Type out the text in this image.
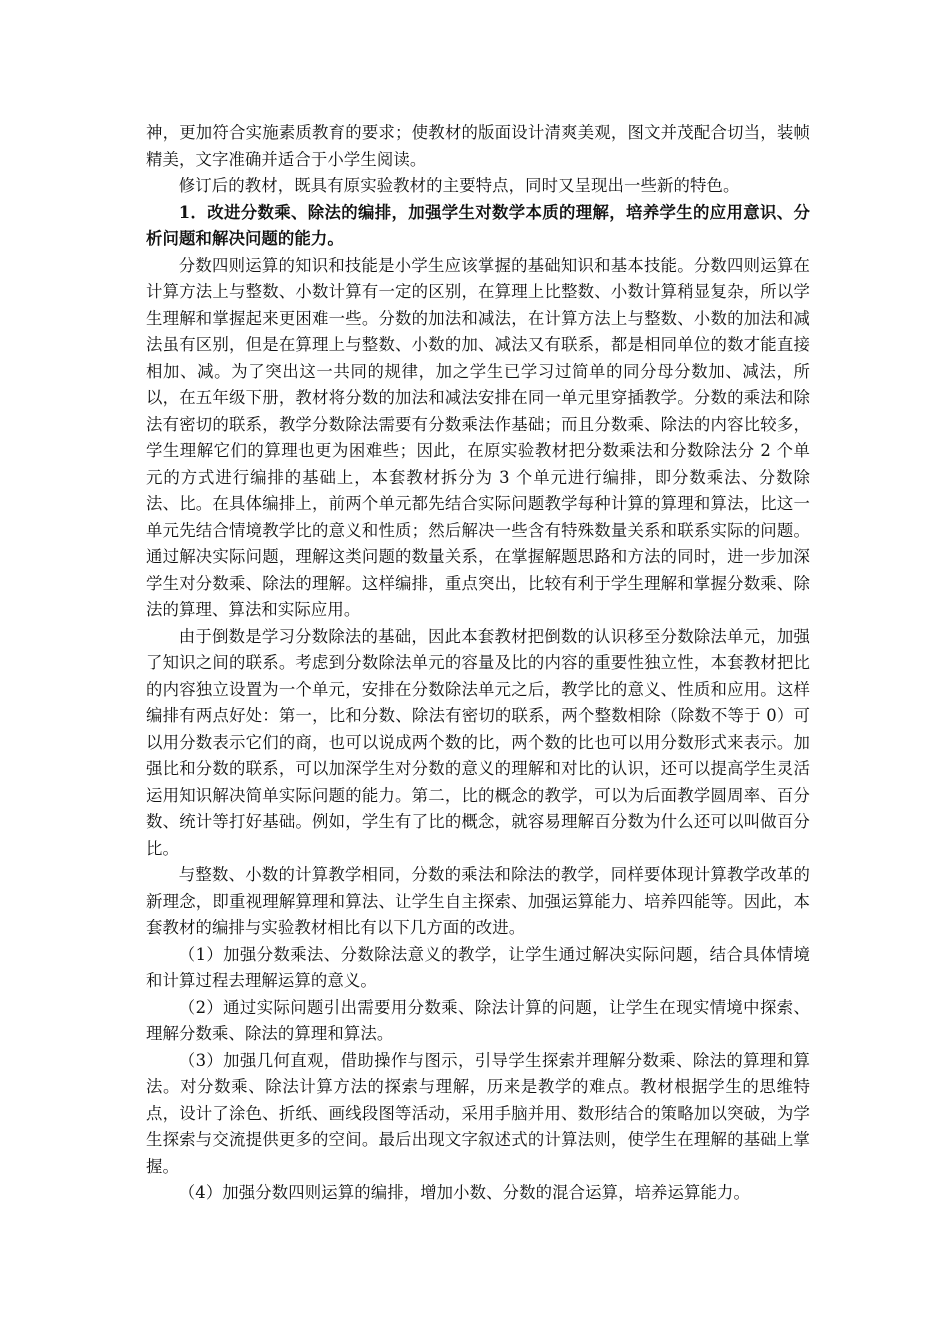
神，更加符合实施素质教育的要求；使教材的版面设计清爽美观，图文并茂配合切当，装帧精美，文字准确并适合于小学生阅读。

修订后的教材，既具有原实验教材的主要特点，同时又呈现出一些新的特色。

1．改进分数乘、除法的编排，加强学生对数学本质的理解，培养学生的应用意识、分析问题和解决问题的能力。

分数四则运算的知识和技能是小学生应该掌握的基础知识和基本技能。分数四则运算在计算方法上与整数、小数计算有一定的区别，在算理上比整数、小数计算稍显复杂，所以学生理解和掌握起来更困难一些。分数的加法和减法，在计算方法上与整数、小数的加法和减法虽有区别，但是在算理上与整数、小数的加、减法又有联系，都是相同单位的数才能直接相加、减。为了突出这一共同的规律，加之学生已学习过简单的同分母分数加、减法，所以，在五年级下册，教材将分数的加法和减法安排在同一单元里穿插教学。分数的乘法和除法有密切的联系，教学分数除法需要有分数乘法作基础；而且分数乘、除法的内容比较多，学生理解它们的算理也更为困难些；因此，在原实验教材把分数乘法和分数除法分 2 个单元的方式进行编排的基础上，本套教材拆分为 3 个单元进行编排，即分数乘法、分数除法、比。在具体编排上，前两个单元都先结合实际问题教学每种计算的算理和算法，比这一单元先结合情境教学比的意义和性质；然后解决一些含有特殊数量关系和联系实际的问题。通过解决实际问题，理解这类问题的数量关系，在掌握解题思路和方法的同时，进一步加深学生对分数乘、除法的理解。这样编排，重点突出，比较有利于学生理解和掌握分数乘、除法的算理、算法和实际应用。

由于倒数是学习分数除法的基础，因此本套教材把倒数的认识移至分数除法单元，加强了知识之间的联系。考虑到分数除法单元的容量及比的内容的重要性独立性，本套教材把比的内容独立设置为一个单元，安排在分数除法单元之后，教学比的意义、性质和应用。这样编排有两点好处：第一，比和分数、除法有密切的联系，两个整数相除（除数不等于 0）可以用分数表示它们的商，也可以说成两个数的比，两个数的比也可以用分数形式来表示。加强比和分数的联系，可以加深学生对分数的意义的理解和对比的认识，还可以提高学生灵活运用知识解决简单实际问题的能力。第二，比的概念的教学，可以为后面教学圆周率、百分数、统计等打好基础。例如，学生有了比的概念，就容易理解百分数为什么还可以叫做百分比。

与整数、小数的计算教学相同，分数的乘法和除法的教学，同样要体现计算教学改革的新理念，即重视理解算理和算法、让学生自主探索、加强运算能力、培养四能等。因此，本套教材的编排与实验教材相比有以下几方面的改进。

（1）加强分数乘法、分数除法意义的教学，让学生通过解决实际问题，结合具体情境和计算过程去理解运算的意义。

（2）通过实际问题引出需要用分数乘、除法计算的问题，让学生在现实情境中探索、理解分数乘、除法的算理和算法。

（3）加强几何直观，借助操作与图示，引导学生探索并理解分数乘、除法的算理和算法。对分数乘、除法计算方法的探索与理解，历来是教学的难点。教材根据学生的思维特点，设计了涂色、折纸、画线段图等活动，采用手脑并用、数形结合的策略加以突破，为学生探索与交流提供更多的空间。最后出现文字叙述式的计算法则，使学生在理解的基础上掌握。

（4）加强分数四则运算的编排，增加小数、分数的混合运算，培养运算能力。
